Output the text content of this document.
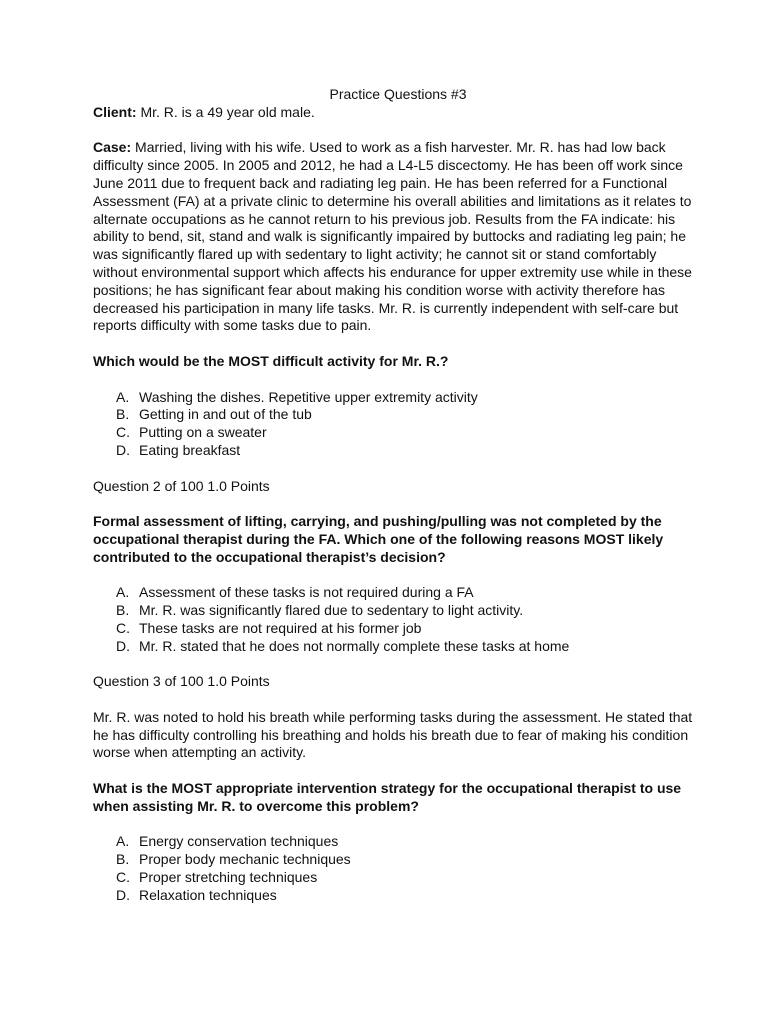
Practice Questions #3

Client: Mr. R. is a 49 year old male.

Case: Married, living with his wife. Used to work as a fish harvester. Mr. R. has had low back difficulty since 2005. In 2005 and 2012, he had a L4-L5 discectomy. He has been off work since June 2011 due to frequent back and radiating leg pain. He has been referred for a Functional Assessment (FA) at a private clinic to determine his overall abilities and limitations as it relates to alternate occupations as he cannot return to his previous job. Results from the FA indicate: his ability to bend, sit, stand and walk is significantly impaired by buttocks and radiating leg pain; he was significantly flared up with sedentary to light activity; he cannot sit or stand comfortably without environmental support which affects his endurance for upper extremity use while in these positions; he has significant fear about making his condition worse with activity therefore has decreased his participation in many life tasks. Mr. R. is currently independent with self-care but reports difficulty with some tasks due to pain.

Which would be the MOST difficult activity for Mr. R.?

A. Washing the dishes. Repetitive upper extremity activity
B. Getting in and out of the tub
C. Putting on a sweater
D. Eating breakfast

Question 2 of 100 1.0 Points

Formal assessment of lifting, carrying, and pushing/pulling was not completed by the occupational therapist during the FA. Which one of the following reasons MOST likely contributed to the occupational therapist’s decision?

A. Assessment of these tasks is not required during a FA
B. Mr. R. was significantly flared due to sedentary to light activity.
C. These tasks are not required at his former job
D. Mr. R. stated that he does not normally complete these tasks at home

Question 3 of 100 1.0 Points

Mr. R. was noted to hold his breath while performing tasks during the assessment. He stated that he has difficulty controlling his breathing and holds his breath due to fear of making his condition worse when attempting an activity.

What is the MOST appropriate intervention strategy for the occupational therapist to use when assisting Mr. R. to overcome this problem?

A. Energy conservation techniques
B. Proper body mechanic techniques
C. Proper stretching techniques
D. Relaxation techniques
